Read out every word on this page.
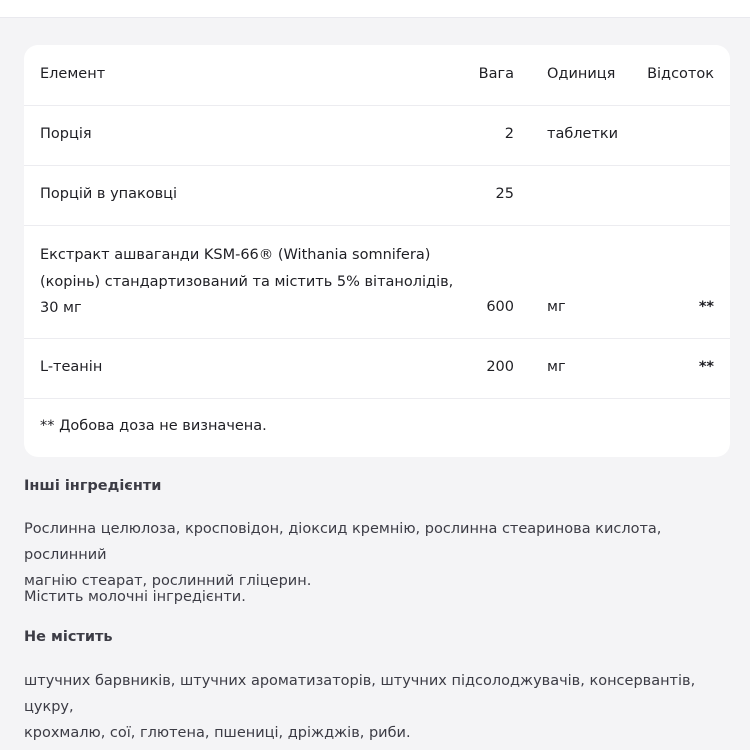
Елемент	Вага Одиниця Відсоток
Порція	2 таблетки
Порцій в упаковці	25
Екстракт ашваганди KSM-66® (Withania somnifera)
(корінь) стандартизований та містить 5% вітанолідів,
30 мг	600 мг	**
L-теанін	200 мг	**
** Добова доза не визначена.
Інші інгредієнти
Рослинна целюлоза, кросповідон, діоксид кремнію, рослинна стеаринова кислота, рослинний
магнію стеарат, рослинний гліцерин.
Містить молочні інгредієнти.
Не містить
штучних барвників, штучних ароматизаторів, штучних підсолоджувачів, консервантів, цукру,
крохмалю, сої, глютена, пшениці, дріжджів, риби.
